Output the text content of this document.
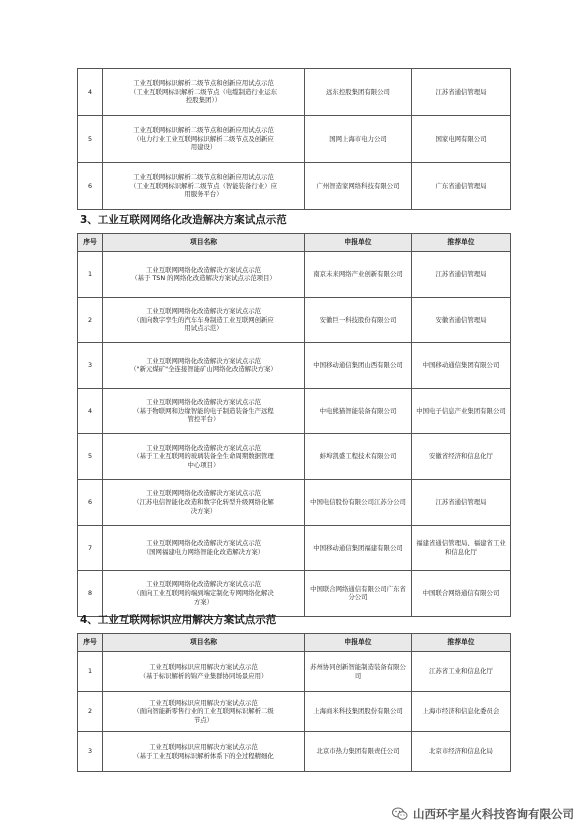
4	工业互联网标识解析二级节点和创新应用试点示范
（工业互联网标识解析二级节点（电缆制造行业运东
控股集团））	远东控股集团有限公司	江苏省通信管理局
5	工业互联网标识解析二级节点和创新应用试点示范
（电力行业工业互联网标识解析二级节点及创新应
用建设）	国网上海市电力公司	国家电网有限公司
6	工业互联网标识解析二级节点和创新应用试点示范
（工业互联网标识解析二级节点（智能装备行业）应
用服务平台）	广州智造家网络科技有限公司	广东省通信管理局
3、工业互联网网络化改造解决方案试点示范
序号	项目名称	申报单位	推荐单位
1	工业互联网网络化改造解决方案试点示范
（基于 TSN 的网络化改造解决方案试点示范项目）	南京未来网络产业创新有限公司	江苏省通信管理局
2	工业互联网网络化改造解决方案试点示范
（面向数字孪生的汽车车身制造工业互联网创新应
用试点示范）	安徽巨一科技股份有限公司	安徽省通信管理局
3	工业互联网网络化改造解决方案试点示范
（"新元煤矿"全连接智能矿山网络化改造解决方案）	中国移动通信集团山西有限公司	中国移动通信集团有限公司
4	工业互联网网络化改造解决方案试点示范
（基于物联网和边缘智能的电子制造装备生产远程
管控平台）	中电熊猫智能装备有限公司	中国电子信息产业集团有限公司
5	工业互联网网络化改造解决方案试点示范
（基于工业互联网的玻璃装备全生命周期数据管理
中心项目）	蚌埠凯盛工程技术有限公司	安徽省经济和信息化厅
6	工业互联网网络化改造解决方案试点示范
（江苏电信智能化改造和数字化转型升级网络化解
决方案）	中国电信股份有限公司江苏分公司	江苏省通信管理局
7	工业互联网网络化改造解决方案试点示范
（国网福建电力网络智能化改造解决方案）	中国移动通信集团福建有限公司	福建省通信管理局、福建省工业和信息化厅
8	工业互联网网络化改造解决方案试点示范
（面向工业互联网的端到端定制化专网网络化解决
方案）	中国联合网络通信有限公司广东省分公司	中国联合网络通信有限公司
4、工业互联网标识应用解决方案试点示范
序号	项目名称	申报单位	推荐单位
1	工业互联网标识应用解决方案试点示范
（基于标识解析的锦产业集群协同场景应用）	苏州协同创新智能制造装备有限公司	江苏省工业和信息化厅
2	工业互联网标识应用解决方案试点示范
（面向智能新零售行业的工业互联网标识解析二级
节点）	上海商米科技集团股份有限公司	上海市经济和信息化委员会
3	工业互联网标识应用解决方案试点示范
（基于工业互联网标识解析体系下的全过程精细化	北京市热力集团有限责任公司	北京市经济和信息化局
山西环宇星火科技咨询有限公司
